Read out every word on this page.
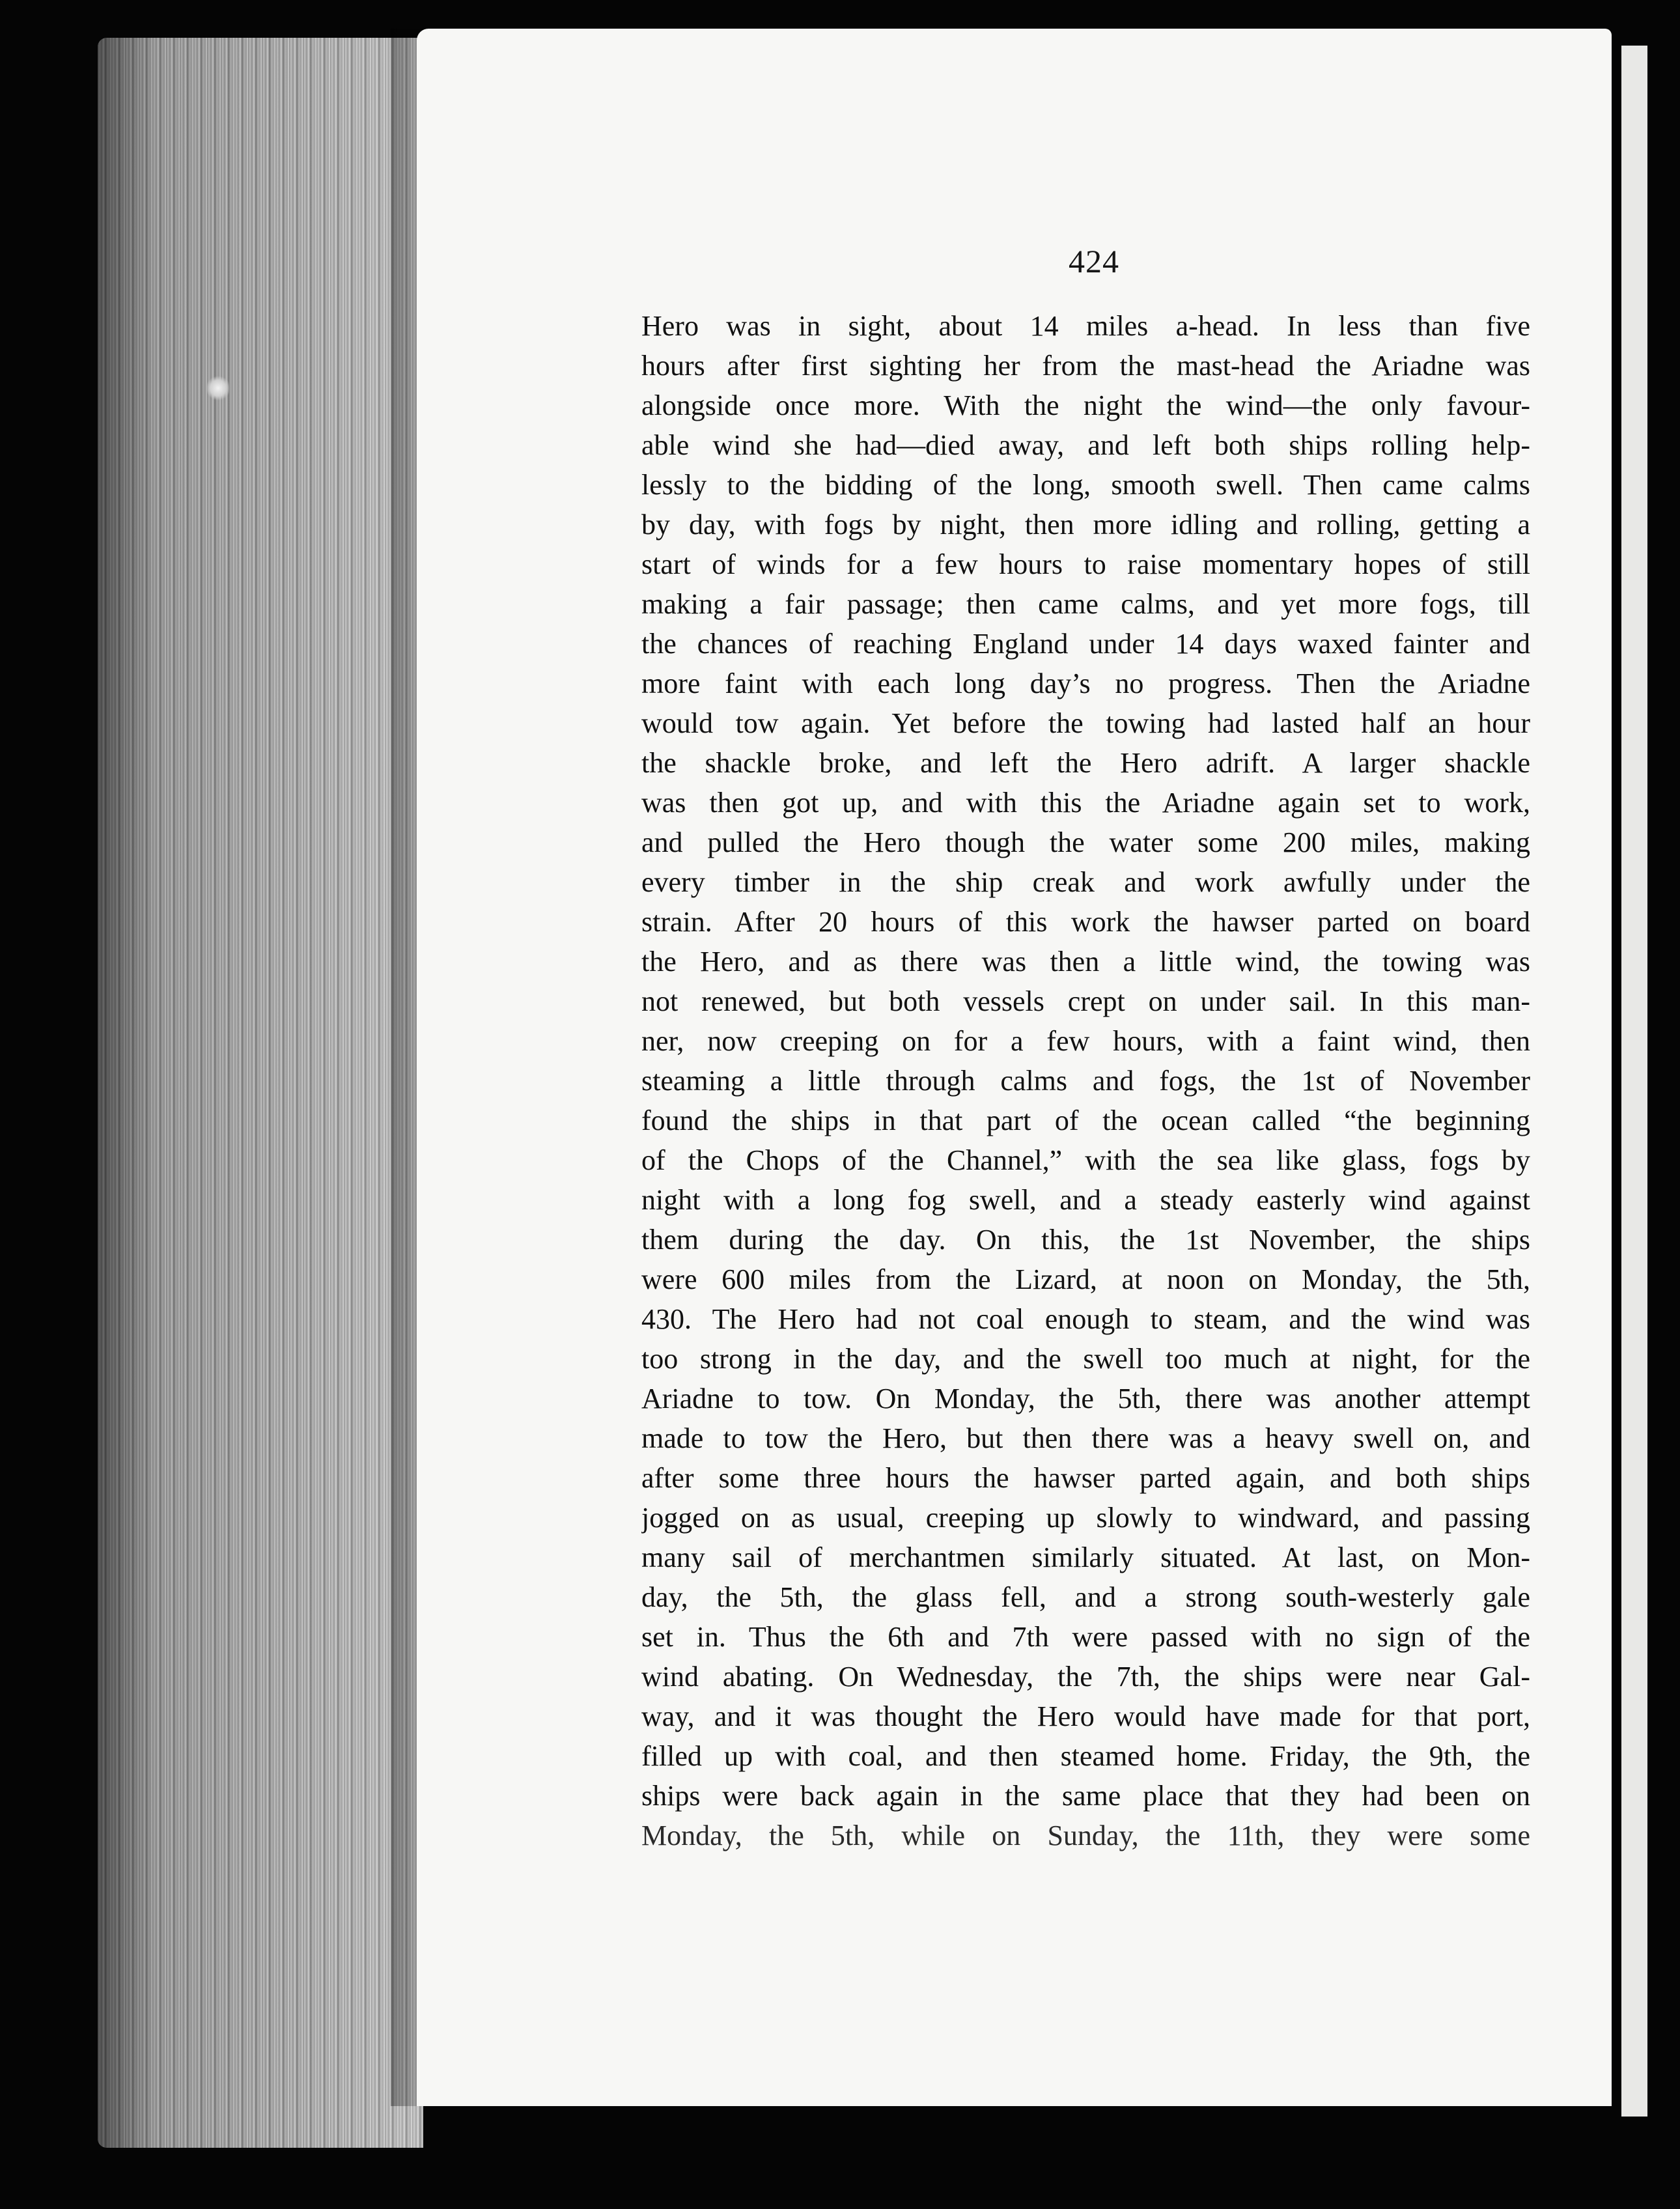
424
Hero was in sight, about 14 miles a-head. In less than five
hours after first sighting her from the mast-head the Ariadne was
alongside once more. With the night the wind—the only favour-
able wind she had—died away, and left both ships rolling help-
lessly to the bidding of the long, smooth swell. Then came calms
by day, with fogs by night, then more idling and rolling, getting a
start of winds for a few hours to raise momentary hopes of still
making a fair passage; then came calms, and yet more fogs, till
the chances of reaching England under 14 days waxed fainter and
more faint with each long day’s no progress. Then the Ariadne
would tow again. Yet before the towing had lasted half an hour
the shackle broke, and left the Hero adrift. A larger shackle
was then got up, and with this the Ariadne again set to work,
and pulled the Hero though the water some 200 miles, making
every timber in the ship creak and work awfully under the
strain. After 20 hours of this work the hawser parted on board
the Hero, and as there was then a little wind, the towing was
not renewed, but both vessels crept on under sail. In this man-
ner, now creeping on for a few hours, with a faint wind, then
steaming a little through calms and fogs, the 1st of November
found the ships in that part of the ocean called “the beginning
of the Chops of the Channel,” with the sea like glass, fogs by
night with a long fog swell, and a steady easterly wind against
them during the day. On this, the 1st November, the ships
were 600 miles from the Lizard, at noon on Monday, the 5th,
430. The Hero had not coal enough to steam, and the wind was
too strong in the day, and the swell too much at night, for the
Ariadne to tow. On Monday, the 5th, there was another attempt
made to tow the Hero, but then there was a heavy swell on, and
after some three hours the hawser parted again, and both ships
jogged on as usual, creeping up slowly to windward, and passing
many sail of merchantmen similarly situated. At last, on Mon-
day, the 5th, the glass fell, and a strong south-westerly gale
set in. Thus the 6th and 7th were passed with no sign of the
wind abating. On Wednesday, the 7th, the ships were near Gal-
way, and it was thought the Hero would have made for that port,
filled up with coal, and then steamed home. Friday, the 9th, the
ships were back again in the same place that they had been on
Monday, the 5th, while on Sunday, the 11th, they were some
